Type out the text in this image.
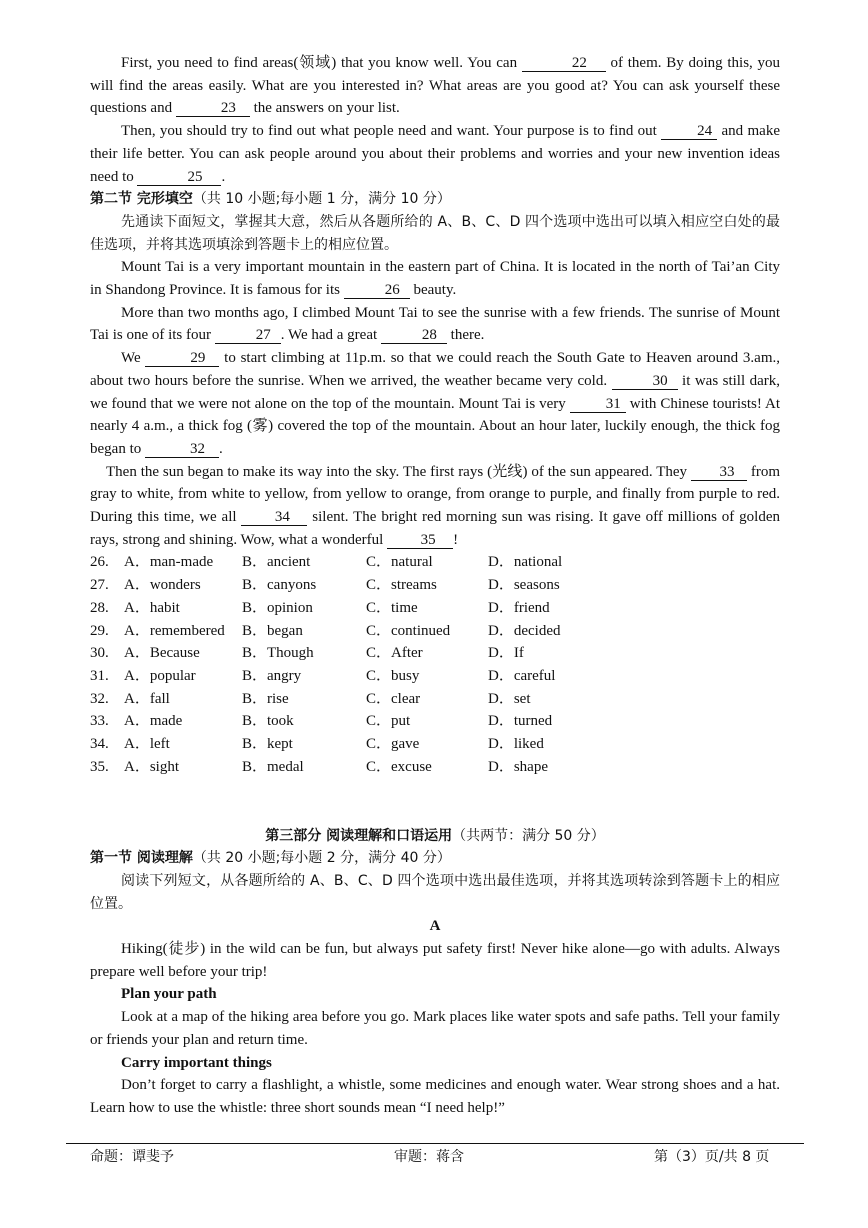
First, you need to find areas(领域) that you know well. You can	22 of them. By doing this, you will find the areas easily. What are you interested in? What areas are you good at? You can ask yourself these questions and	23 the answers on your list.

Then, you should try to find out what people need and want. Your purpose is to find out	24 and make their life better. You can ask people around you about their problems and worries and your new invention ideas need to	25 .

第二节 完形填空（共 10 小题;每小题 1 分，满分 10 分）

先通读下面短文，掌握其大意，然后从各题所给的 A、B、C、D 四个选项中选出可以填入相应空白处的最佳选项，并将其选项填涂到答题卡上的相应位置。

Mount Tai is a very important mountain in the eastern part of China. It is located in the north of Tai’an City in Shandong Province. It is famous for its	26 beauty.

More than two months ago, I climbed Mount Tai to see the sunrise with a few friends. The sunrise of Mount Tai is one of its four	27 . We had a great	28 there.

We	29 to start climbing at 11p.m. so that we could reach the South Gate to Heaven around 3.am., about two hours before the sunrise. When we arrived, the weather became very cold.	30 it was still dark, we found that we were not alone on the top of the mountain. Mount Tai is very	31 with Chinese tourists! At nearly 4 a.m., a thick fog (雾) covered the top of the mountain. About an hour later, luckily enough, the thick fog began to	32 .

Then the sun began to make its way into the sky. The first rays (光线) of the sun appeared. They 33 from gray to white, from white to yellow, from yellow to orange, from orange to purple, and finally from purple to red. During this time, we all	34 silent. The bright red morning sun was rising. It gave off millions of golden rays, strong and shining. Wow, what a wonderful 35 !

26.	A．man-made	B．ancient	C．natural	D．national
27.	A．wonders	B．canyons	C．streams	D．seasons
28.	A．habit	B．opinion	C．time	D．friend
29.	A．remembered	B．began	C．continued	D．decided
30.	A．Because	B．Though	C．After	D．If
31.	A．popular	B．angry	C．busy	D．careful
32.	A．fall	B．rise	C．clear	D．set
33.	A．made	B．took	C．put	D．turned
34.	A．left	B．kept	C．gave	D．liked
35.	A．sight	B．medal	C．excuse	D．shape

第三部分 阅读理解和口语运用（共两节：满分 50 分）

第一节 阅读理解（共 20 小题;每小题 2 分，满分 40 分）

阅读下列短文，从各题所给的 A、B、C、D 四个选项中选出最佳选项，并将其选项转涂到答题卡上的相应位置。

A

Hiking(徒步) in the wild can be fun, but always put safety first! Never hike alone—go with adults. Always prepare well before your trip!

Plan your path

Look at a map of the hiking area before you go. Mark places like water spots and safe paths. Tell your family or friends your plan and return time.

Carry important things

Don’t forget to carry a flashlight, a whistle, some medicines and enough water. Wear strong shoes and a hat. Learn how to use the whistle: three short sounds mean “I need help!”

命题：谭斐予	审题：蒋含	第（3）页/共 8 页
